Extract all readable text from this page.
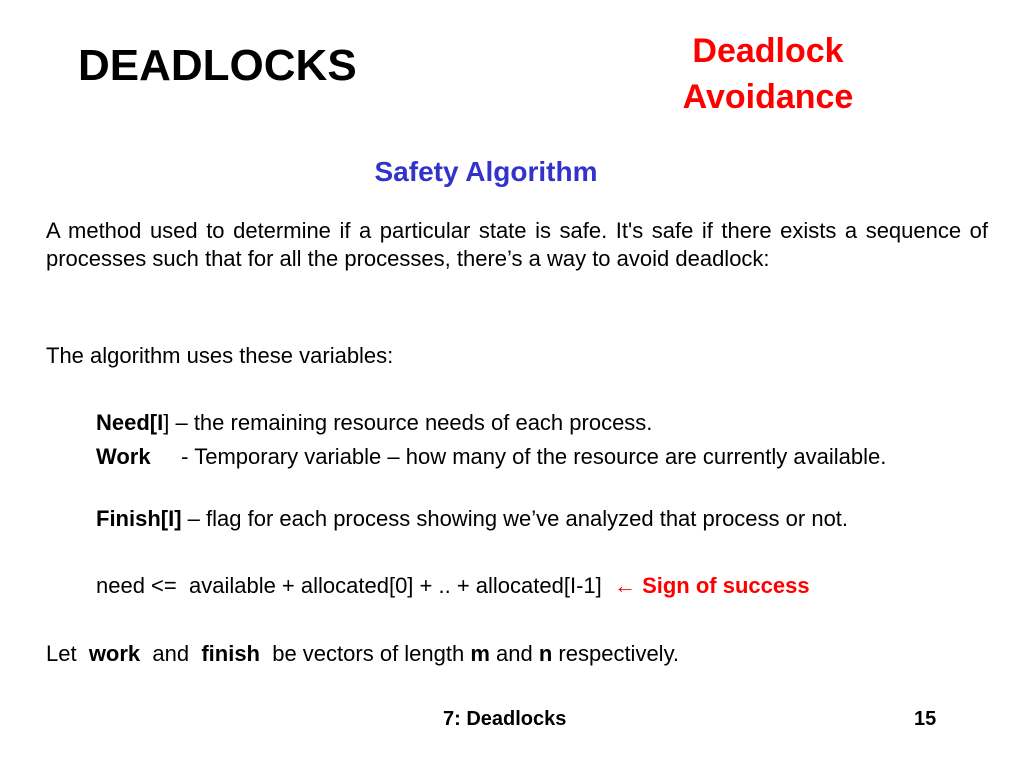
DEADLOCKS	Deadlock
Avoidance
Safety Algorithm
A method used to determine if a particular state is safe. It's safe if there exists a sequence of processes such that for all the processes, there’s a way to avoid deadlock:
The algorithm uses these variables:
Need[I] – the remaining resource needs of each process.
Work     - Temporary variable – how many of the resource are currently available.
Finish[I] – flag for each process showing we’ve analyzed that process or not.
need <=  available + allocated[0] + .. + allocated[I-1]  ← Sign of success
Let  work  and  finish  be vectors of length m and n respectively.
7: Deadlocks	15
